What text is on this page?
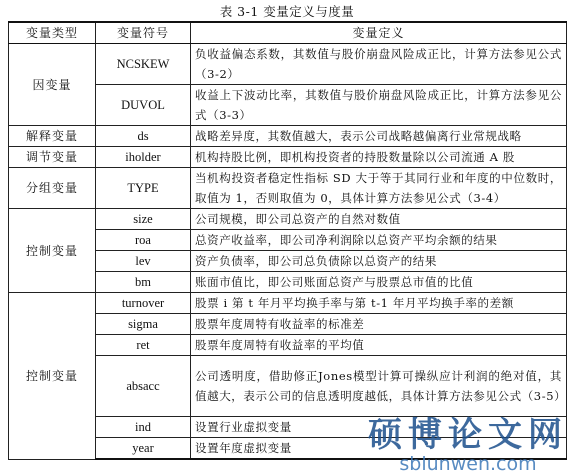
表 3-1 变量定义与度量
变量类型	变量符号	变量定义
因变量	NCSKEW	负收益偏态系数，其数值与股价崩盘风险成正比，计算方法参见公式（3-2）
	DUVOL	收益上下波动比率，其数值与股价崩盘风险成正比，计算方法参见公式（3-3）
解释变量	ds	战略差异度，其数值越大，表示公司战略越偏离行业常规战略
调节变量	iholder	机构持股比例，即机构投资者的持股数量除以公司流通 A 股
分组变量	TYPE	当机构投资者稳定性指标 SD 大于等于其同行业和年度的中位数时，取值为 1，否则取值为 0，具体计算方法参见公式（3-4）
控制变量	size	公司规模，即公司总资产的自然对数值
	roa	总资产收益率，即公司净利润除以总资产平均余额的结果
	lev	资产负债率，即公司总负债除以总资产的结果
	bm	账面市值比，即公司账面总资产与股票总市值的比值
控制变量	turnover	股票 i 第 t 年月平均换手率与第 t-1 年月平均换手率的差额
	sigma	股票年度周特有收益率的标准差
	ret	股票年度周特有收益率的平均值
	absacc	公司透明度，借助修正Jones模型计算可操纵应计利润的绝对值，其值越大，表示公司的信息透明度越低，具体计算方法参见公式（3-5）
	ind	设置行业虚拟变量
	year	设置年度虚拟变量 硕博论文网
sblunwen.com
